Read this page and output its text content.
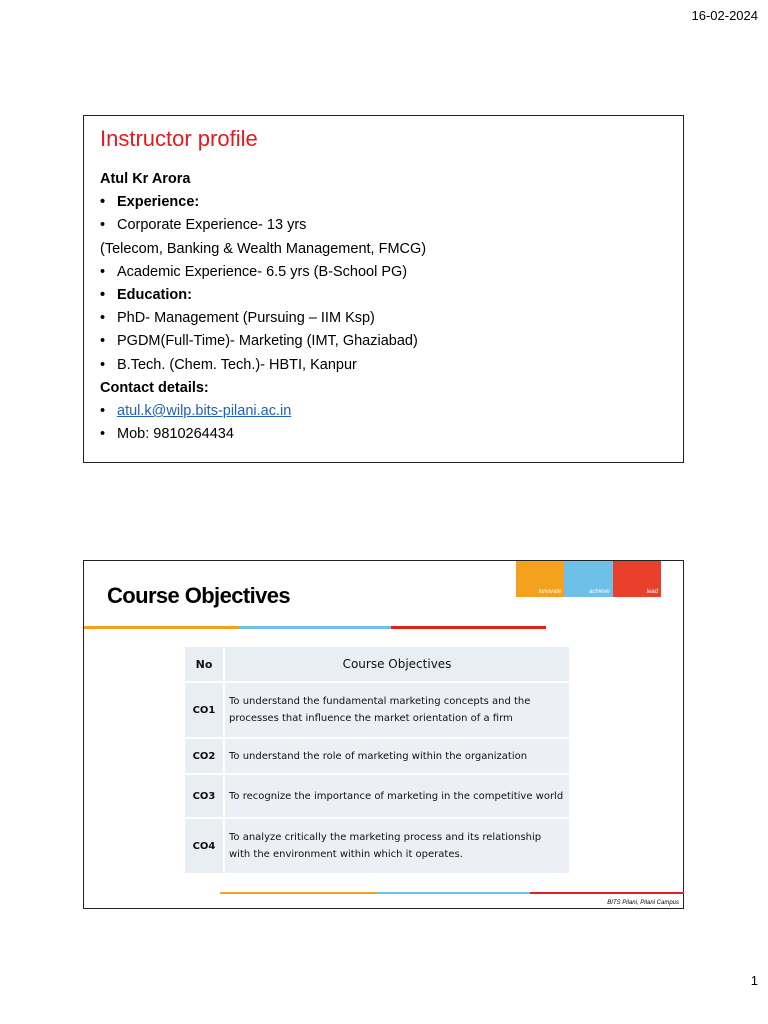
16-02-2024
Instructor profile
Atul Kr Arora
• Experience:
• Corporate Experience- 13 yrs
(Telecom, Banking & Wealth Management, FMCG)
• Academic Experience- 6.5 yrs (B-School PG)
• Education:
• PhD- Management (Pursuing – IIM Ksp)
• PGDM(Full-Time)- Marketing (IMT, Ghaziabad)
• B.Tech. (Chem. Tech.)- HBTI, Kanpur
Contact details:
• atul.k@wilp.bits-pilani.ac.in
• Mob: 9810264434
Course Objectives	innovate	achieve	lead
No	Course Objectives
CO1	To understand the fundamental marketing concepts and the processes that influence the market orientation of a firm
CO2	To understand the role of marketing within the organization
CO3	To recognize the importance of marketing in the competitive world
CO4	To analyze critically the marketing process and its relationship with the environment within which it operates.
BITS Pilani, Pilani Campus
1
